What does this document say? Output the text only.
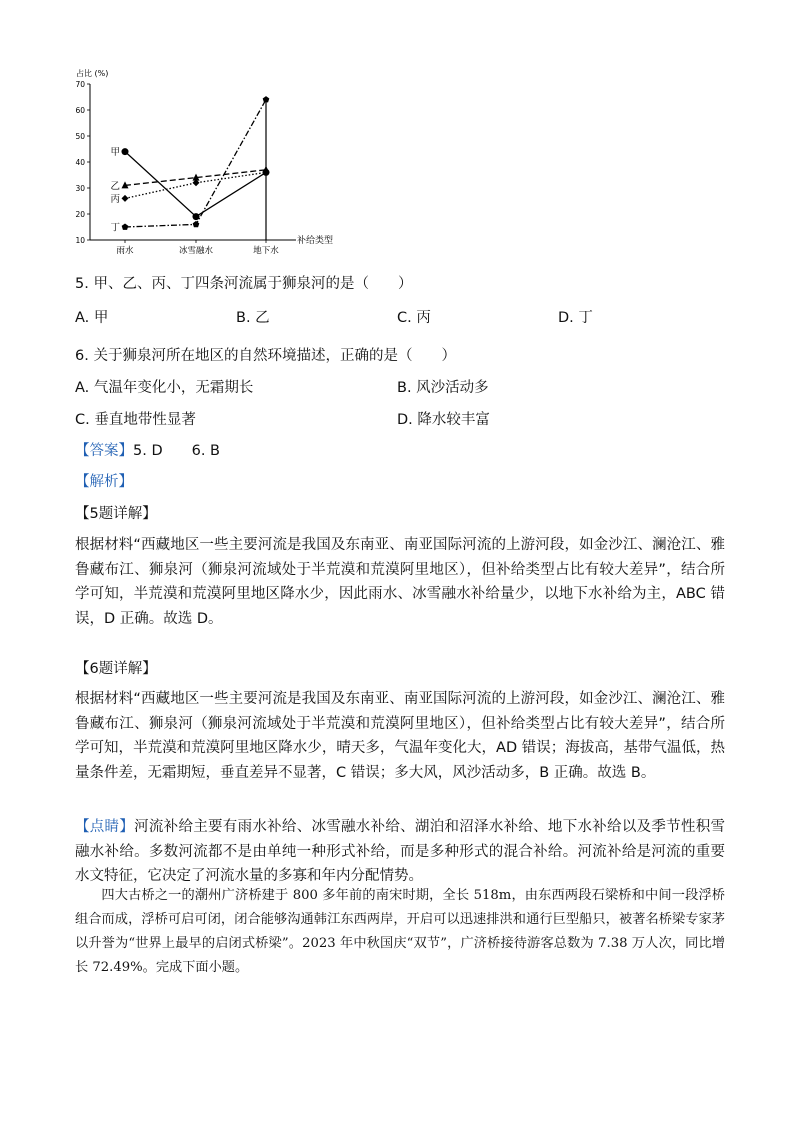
10
20
30
40
50
60
70
雨水	冰雪融水	地下水
占比 (%)
补给类型
甲
乙
丙
丁
5. 甲、乙、丙、丁四条河流属于狮泉河的是（　　）
A. 甲	B. 乙	C. 丙	D. 丁
6. 关于狮泉河所在地区的自然环境描述，正确的是（　　）
A. 气温年变化小，无霜期长	B. 风沙活动多
C. 垂直地带性显著	D. 降水较丰富
【答案】5. D　　6. B
【解析】
【5题详解】
根据材料“西藏地区一些主要河流是我国及东南亚、南亚国际河流的上游河段，如金沙江、澜沧江、雅鲁藏布江、狮泉河（狮泉河流域处于半荒漠和荒漠阿里地区），但补给类型占比有较大差异”，结合所学可知，半荒漠和荒漠阿里地区降水少，因此雨水、冰雪融水补给量少，以地下水补给为主，ABC 错误，D 正确。故选 D。
【6题详解】
根据材料“西藏地区一些主要河流是我国及东南亚、南亚国际河流的上游河段，如金沙江、澜沧江、雅鲁藏布江、狮泉河（狮泉河流域处于半荒漠和荒漠阿里地区），但补给类型占比有较大差异”，结合所学可知，半荒漠和荒漠阿里地区降水少，晴天多，气温年变化大，AD 错误；海拔高，基带气温低，热量条件差，无霜期短，垂直差异不显著，C 错误；多大风，风沙活动多，B 正确。故选 B。
【点睛】河流补给主要有雨水补给、冰雪融水补给、湖泊和沼泽水补给、地下水补给以及季节性积雪融水补给。多数河流都不是由单纯一种形式补给，而是多种形式的混合补给。河流补给是河流的重要水文特征，它决定了河流水量的多寡和年内分配情势。
四大古桥之一的潮州广济桥建于 800 多年前的南宋时期，全长 518m，由东西两段石梁桥和中间一段浮桥组合而成，浮桥可启可闭，闭合能够沟通韩江东西两岸，开启可以迅速排洪和通行巨型船只，被著名桥梁专家茅以升誉为“世界上最早的启闭式桥梁”。2023 年中秋国庆“双节”，广济桥接待游客总数为 7.38 万人次，同比增长 72.49%。完成下面小题。
